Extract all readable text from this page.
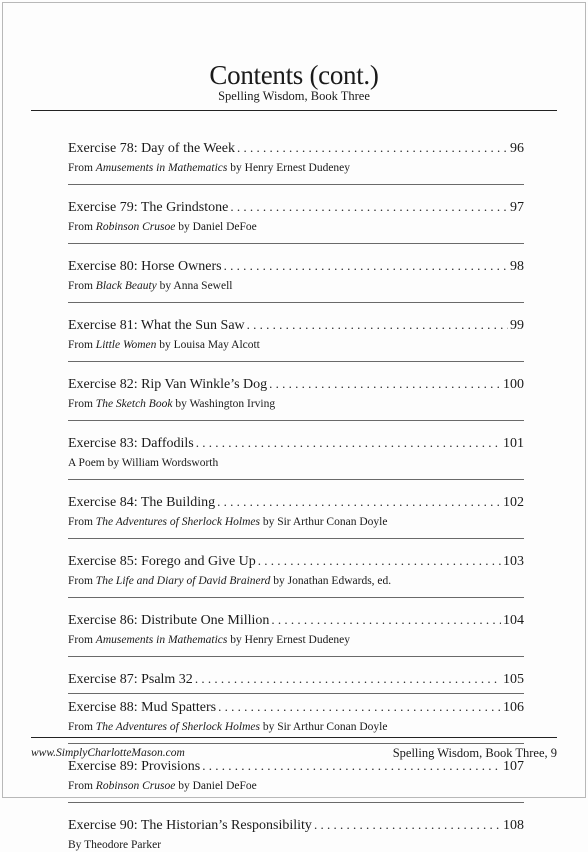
Contents (cont.)
Spelling Wisdom, Book Three
Exercise 78: Day of the Week . . .	96
From Amusements in Mathematics by Henry Ernest Dudeney
Exercise 79: The Grindstone . . .	97
From Robinson Crusoe by Daniel DeFoe
Exercise 80: Horse Owners . . .	98
From Black Beauty by Anna Sewell
Exercise 81: What the Sun Saw . . .	99
From Little Women by Louisa May Alcott
Exercise 82: Rip Van Winkle’s Dog . . .	100
From The Sketch Book by Washington Irving
Exercise 83: Daffodils . . .	101
A Poem by William Wordsworth
Exercise 84: The Building . . .	102
From The Adventures of Sherlock Holmes by Sir Arthur Conan Doyle
Exercise 85: Forego and Give Up . . .	103
From The Life and Diary of David Brainerd by Jonathan Edwards, ed.
Exercise 86: Distribute One Million . . .	104
From Amusements in Mathematics by Henry Ernest Dudeney
Exercise 87: Psalm 32 . . .	105
Exercise 88: Mud Spatters . . .	106
From The Adventures of Sherlock Holmes by Sir Arthur Conan Doyle
Exercise 89: Provisions . . .	107
From Robinson Crusoe by Daniel DeFoe
Exercise 90: The Historian’s Responsibility . . .	108
By Theodore Parker
www.SimplyCharlotteMason.com	Spelling Wisdom, Book Three, 9
